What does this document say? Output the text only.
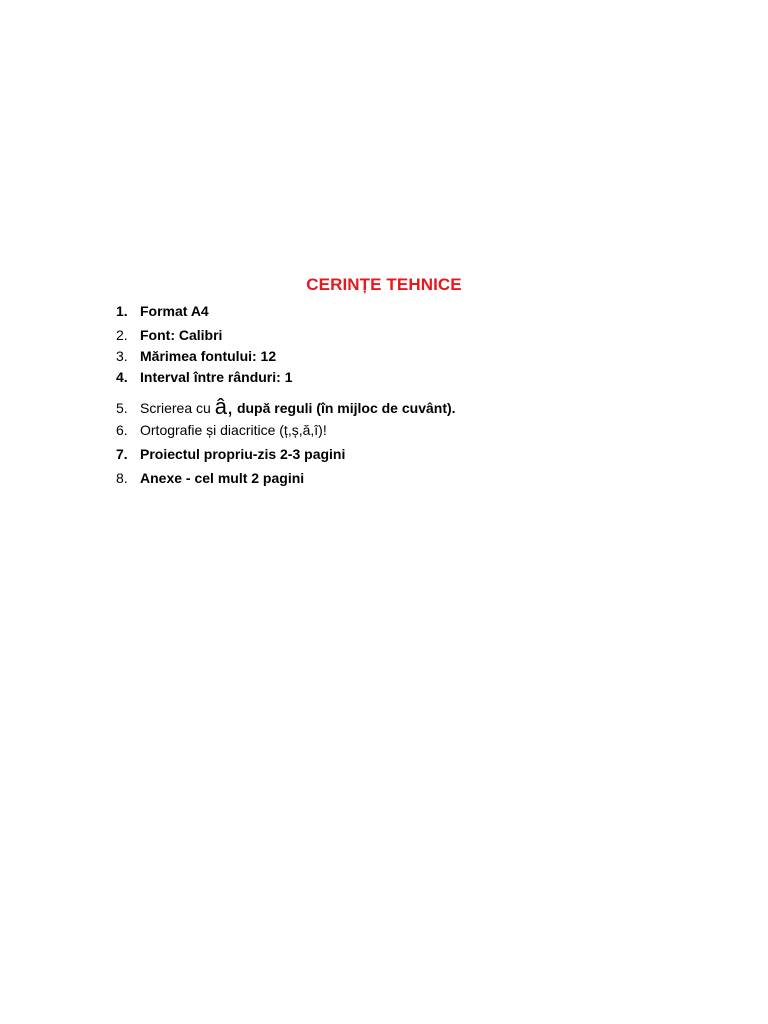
CERINȚE TEHNICE
1. Format A4
2. Font: Calibri
3. Mărimea fontului: 12
4. Interval între rânduri: 1
5. Scrierea cu â, după reguli (în mijloc de cuvânt).
6. Ortografie și diacritice (ț,ș,ă,î)!
7. Proiectul propriu-zis 2-3 pagini
8. Anexe - cel mult 2 pagini
